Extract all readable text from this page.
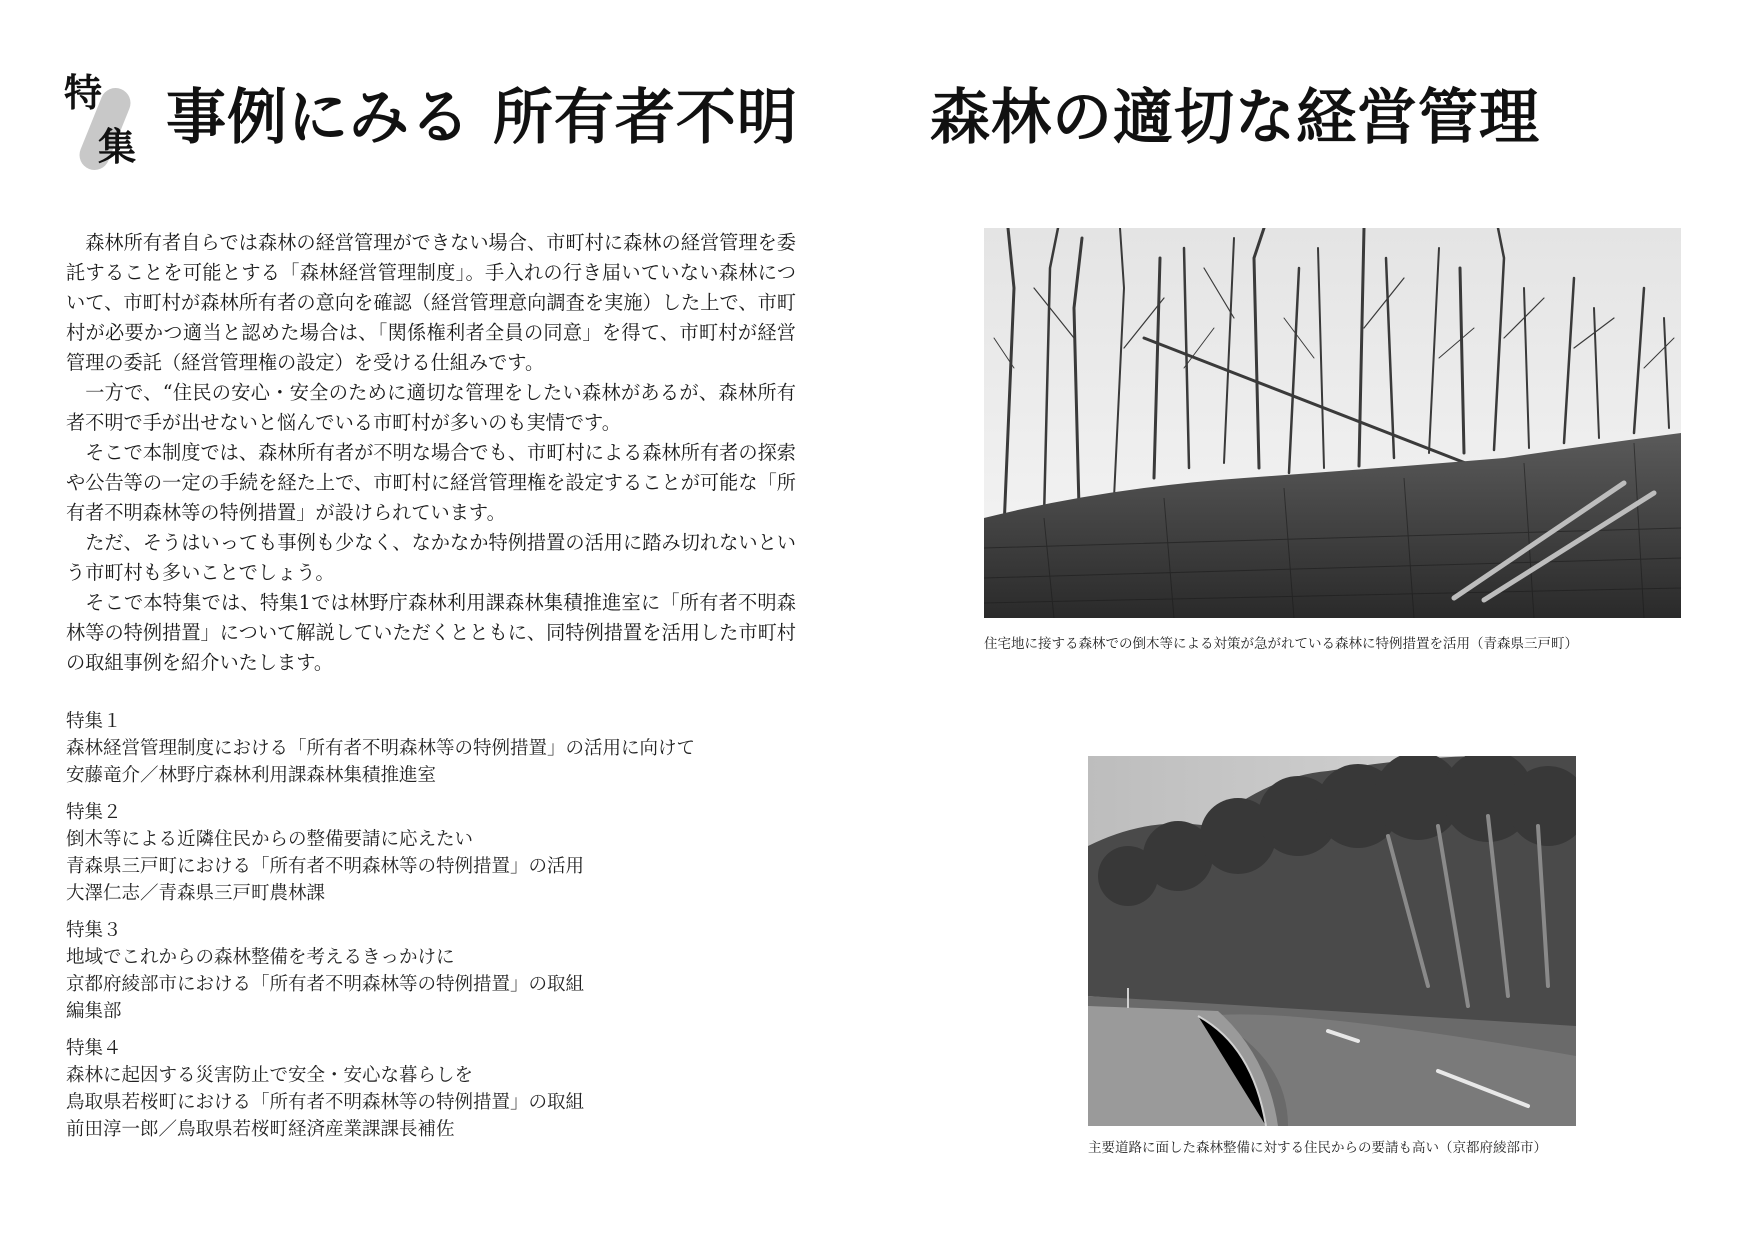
特
集 事例にみる 所有者不明 森林の適切な経営管理

森林所有者自らでは森林の経営管理ができない場合、市町村に森林の経営管理を委託することを可能とする「森林経営管理制度」。手入れの行き届いていない森林について、市町村が森林所有者の意向を確認（経営管理意向調査を実施）した上で、市町村が必要かつ適当と認めた場合は、「関係権利者全員の同意」を得て、市町村が経営管理の委託（経営管理権の設定）を受ける仕組みです。

一方で、“住民の安心・安全のために適切な管理をしたい森林があるが、森林所有者不明で手が出せないと悩んでいる市町村が多いのも実情です。

そこで本制度では、森林所有者が不明な場合でも、市町村による森林所有者の探索や公告等の一定の手続を経た上で、市町村に経営管理権を設定することが可能な「所有者不明森林等の特例措置」が設けられています。

ただ、そうはいっても事例も少なく、なかなか特例措置の活用に踏み切れないという市町村も多いことでしょう。

そこで本特集では、特集1では林野庁森林利用課森林集積推進室に「所有者不明森林等の特例措置」について解説していただくとともに、同特例措置を活用した市町村の取組事例を紹介いたします。

特集１
森林経営管理制度における「所有者不明森林等の特例措置」の活用に向けて
安藤竜介／林野庁森林利用課森林集積推進室
特集２
倒木等による近隣住民からの整備要請に応えたい
青森県三戸町における「所有者不明森林等の特例措置」の活用
大澤仁志／青森県三戸町農林課
特集３
地域でこれからの森林整備を考えるきっかけに
京都府綾部市における「所有者不明森林等の特例措置」の取組
編集部
特集４
森林に起因する災害防止で安全・安心な暮らしを
鳥取県若桜町における「所有者不明森林等の特例措置」の取組
前田淳一郎／鳥取県若桜町経済産業課課長補佐
住宅地に接する森林での倒木等による対策が急がれている森林に特例措置を活用（青森県三戸町）
主要道路に面した森林整備に対する住民からの要請も高い（京都府綾部市）
